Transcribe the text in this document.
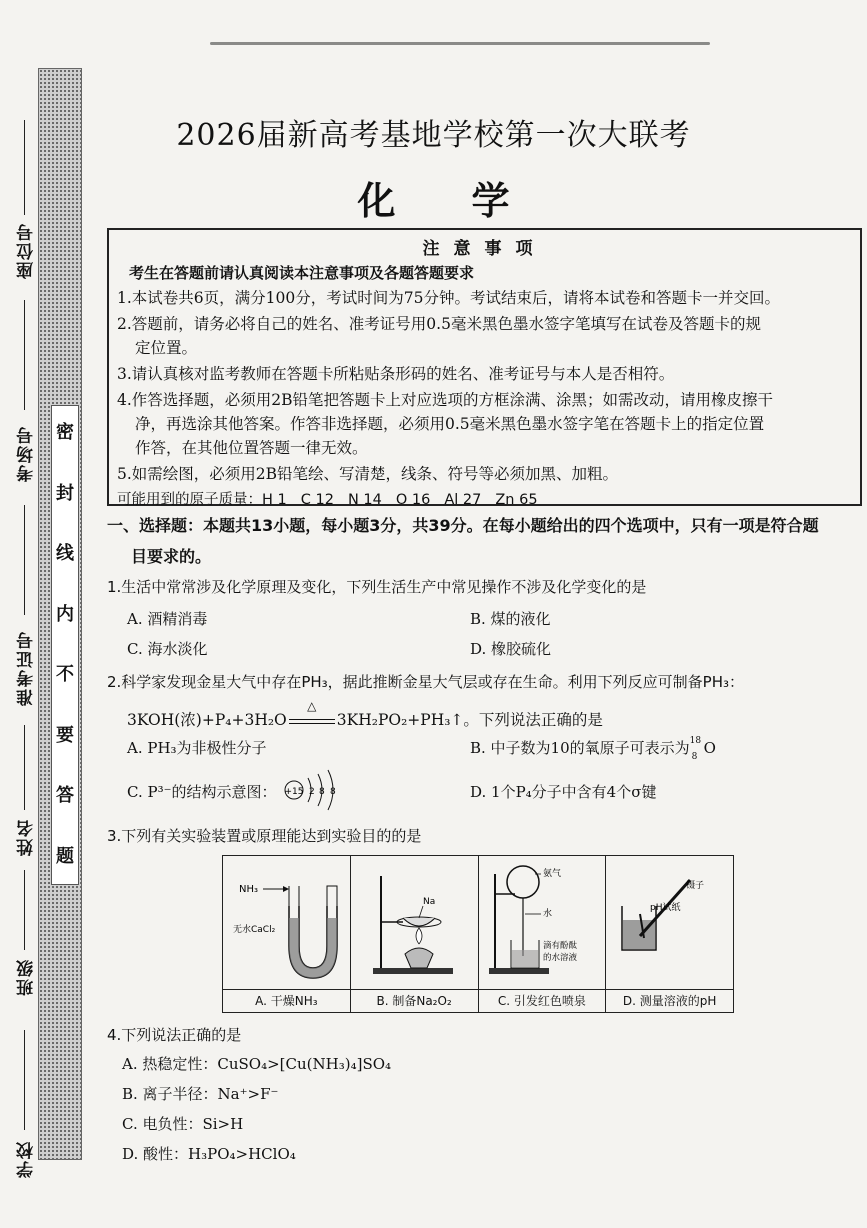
密
封
线
内
不
要
答
题
座位号
考场号
准考证号
姓名
班级
学校
2026届新高考基地学校第一次大联考
化 学
注意事项
考生在答题前请认真阅读本注意事项及各题答题要求
1.本试卷共6页，满分100分，考试时间为75分钟。考试结束后，请将本试卷和答题卡一并交回。
2.答题前，请务必将自己的姓名、准考证号用0.5毫米黑色墨水签字笔填写在试卷及答题卡的规
定位置。
3.请认真核对监考教师在答题卡所粘贴条形码的姓名、准考证号与本人是否相符。
4.作答选择题，必须用2B铅笔把答题卡上对应选项的方框涂满、涂黑；如需改动，请用橡皮擦干
净，再选涂其他答案。作答非选择题，必须用0.5毫米黑色墨水签字笔在答题卡上的指定位置
作答，在其他位置答题一律无效。
5.如需绘图，必须用2B铅笔绘、写清楚，线条、符号等必须加黑、加粗。
可能用到的原子质量：H 1 C 12 N 14 O 16 Al 27 Zn 65
一、选择题：本题共13小题，每小题3分，共39分。在每小题给出的四个选项中，只有一项是符合题
目要求的。
1.生活中常常涉及化学原理及变化，下列生活生产中常见操作不涉及化学变化的是
A. 酒精消毒	B. 煤的液化
C. 海水淡化	D. 橡胶硫化
2.科学家发现金星大气中存在PH₃，据此推断金星大气层或存在生命。利用下列反应可制备PH₃：
3KOH(浓)+P₄+3H₂O
△
3KH₂PO₂+PH₃↑。下列说法正确的是
A. PH₃为非极性分子	B. 中子数为10的氧原子可表示为 18
8 O
C. P³⁻的结构示意图： +15 2 8 8	D. 1个P₄分子中含有4个σ键
3.下列有关实验装置或原理能达到实验目的的是
NH₃
无水CaCl₂
A. 干燥NH₃
Na
B. 制备Na₂O₂
氨气
水
滴有酚酞
的水溶液
C. 引发红色喷泉
镊子
pH试纸
D. 测量溶液的pH
4.下列说法正确的是
A. 热稳定性：CuSO₄>[Cu(NH₃)₄]SO₄
B. 离子半径：Na⁺>F⁻
C. 电负性：Si>H
D. 酸性：H₃PO₄>HClO₄
